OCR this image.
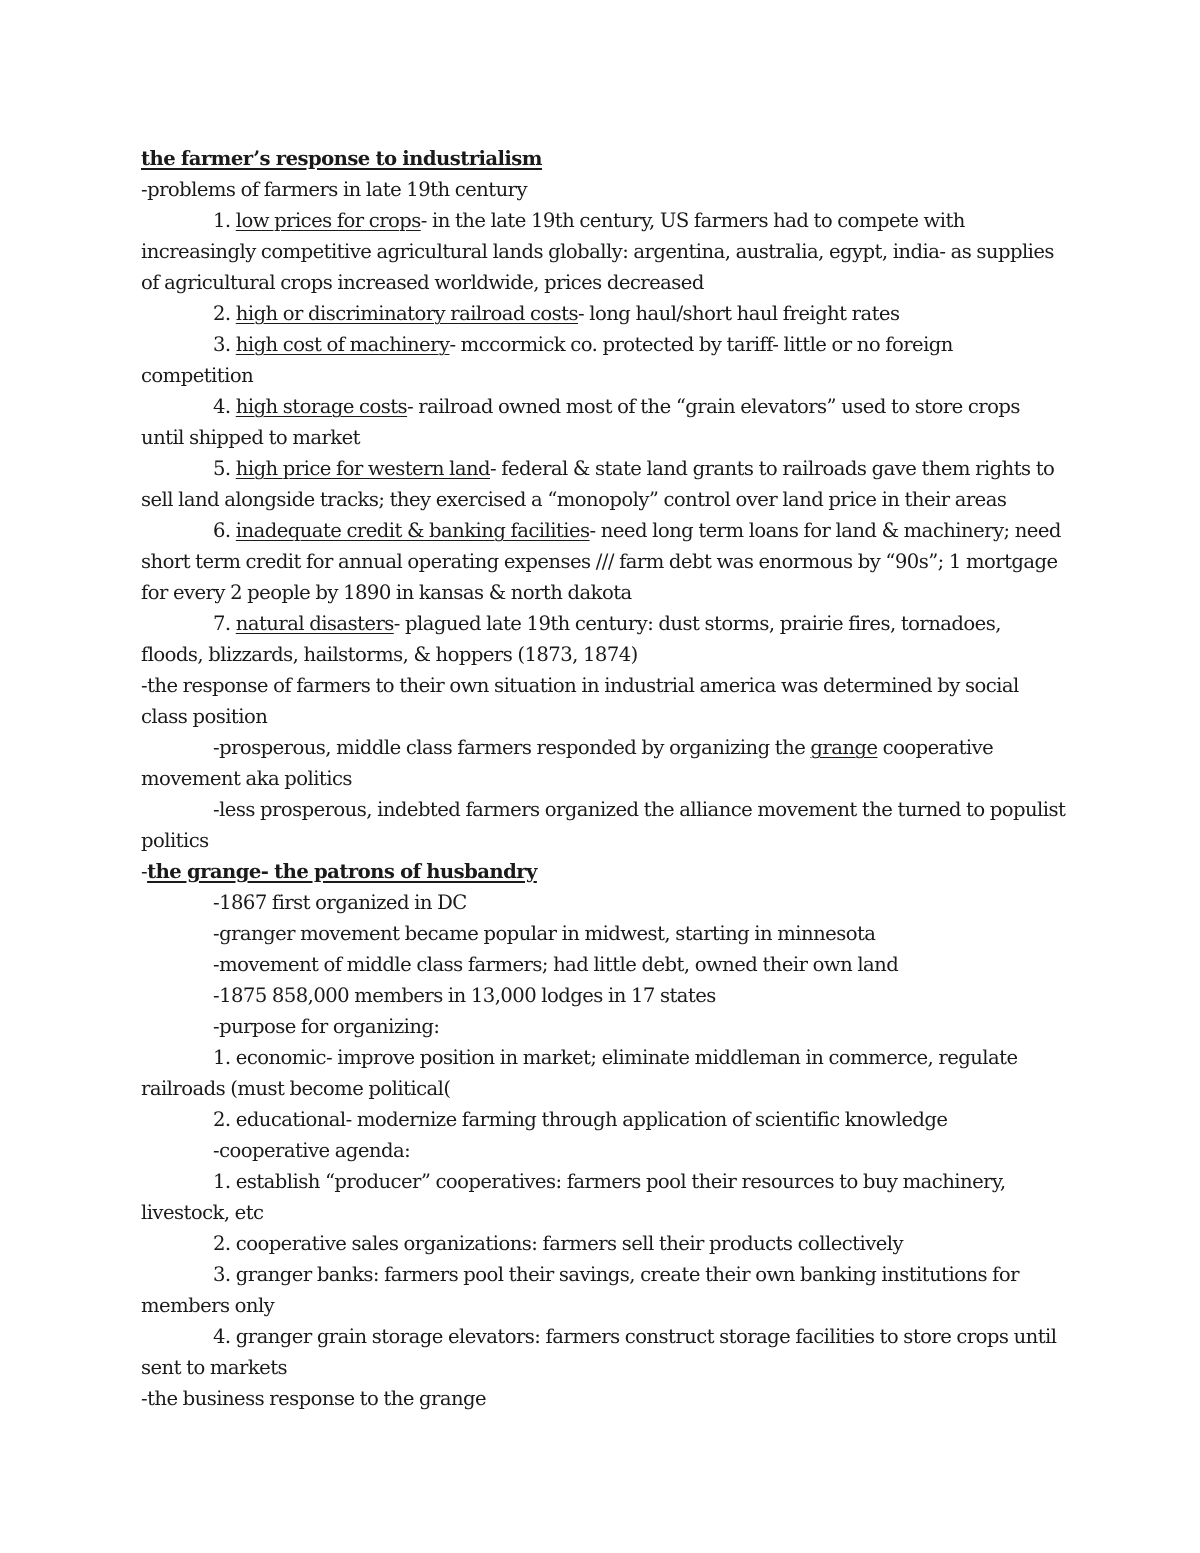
the farmer’s response to industrialism

-problems of farmers in late 19th century

1. low prices for crops- in the late 19th century, US farmers had to compete with increasingly competitive agricultural lands globally: argentina, australia, egypt, india- as supplies of agricultural crops increased worldwide, prices decreased

2. high or discriminatory railroad costs- long haul/short haul freight rates

3. high cost of machinery- mccormick co. protected by tariff- little or no foreign competition

4. high storage costs- railroad owned most of the “grain elevators” used to store crops until shipped to market

5. high price for western land- federal & state land grants to railroads gave them rights to sell land alongside tracks; they exercised a “monopoly” control over land price in their areas

6. inadequate credit & banking facilities- need long term loans for land & machinery; need short term credit for annual operating expenses /// farm debt was enormous by “90s”; 1 mortgage for every 2 people by 1890 in kansas & north dakota

7. natural disasters- plagued late 19th century: dust storms, prairie fires, tornadoes, floods, blizzards, hailstorms, & hoppers (1873, 1874)

-the response of farmers to their own situation in industrial america was determined by social class position

-prosperous, middle class farmers responded by organizing the grange cooperative movement aka politics

-less prosperous, indebted farmers organized the alliance movement the turned to populist politics

-the grange- the patrons of husbandry

-1867 first organized in DC

-granger movement became popular in midwest, starting in minnesota

-movement of middle class farmers; had little debt, owned their own land

-1875 858,000 members in 13,000 lodges in 17 states

-purpose for organizing:

1. economic- improve position in market; eliminate middleman in commerce, regulate railroads (must become political(

2. educational- modernize farming through application of scientific knowledge

-cooperative agenda:

1. establish “producer” cooperatives: farmers pool their resources to buy machinery, livestock, etc

2. cooperative sales organizations: farmers sell their products collectively

3. granger banks: farmers pool their savings, create their own banking institutions for members only

4. granger grain storage elevators: farmers construct storage facilities to store crops until sent to markets

-the business response to the grange
